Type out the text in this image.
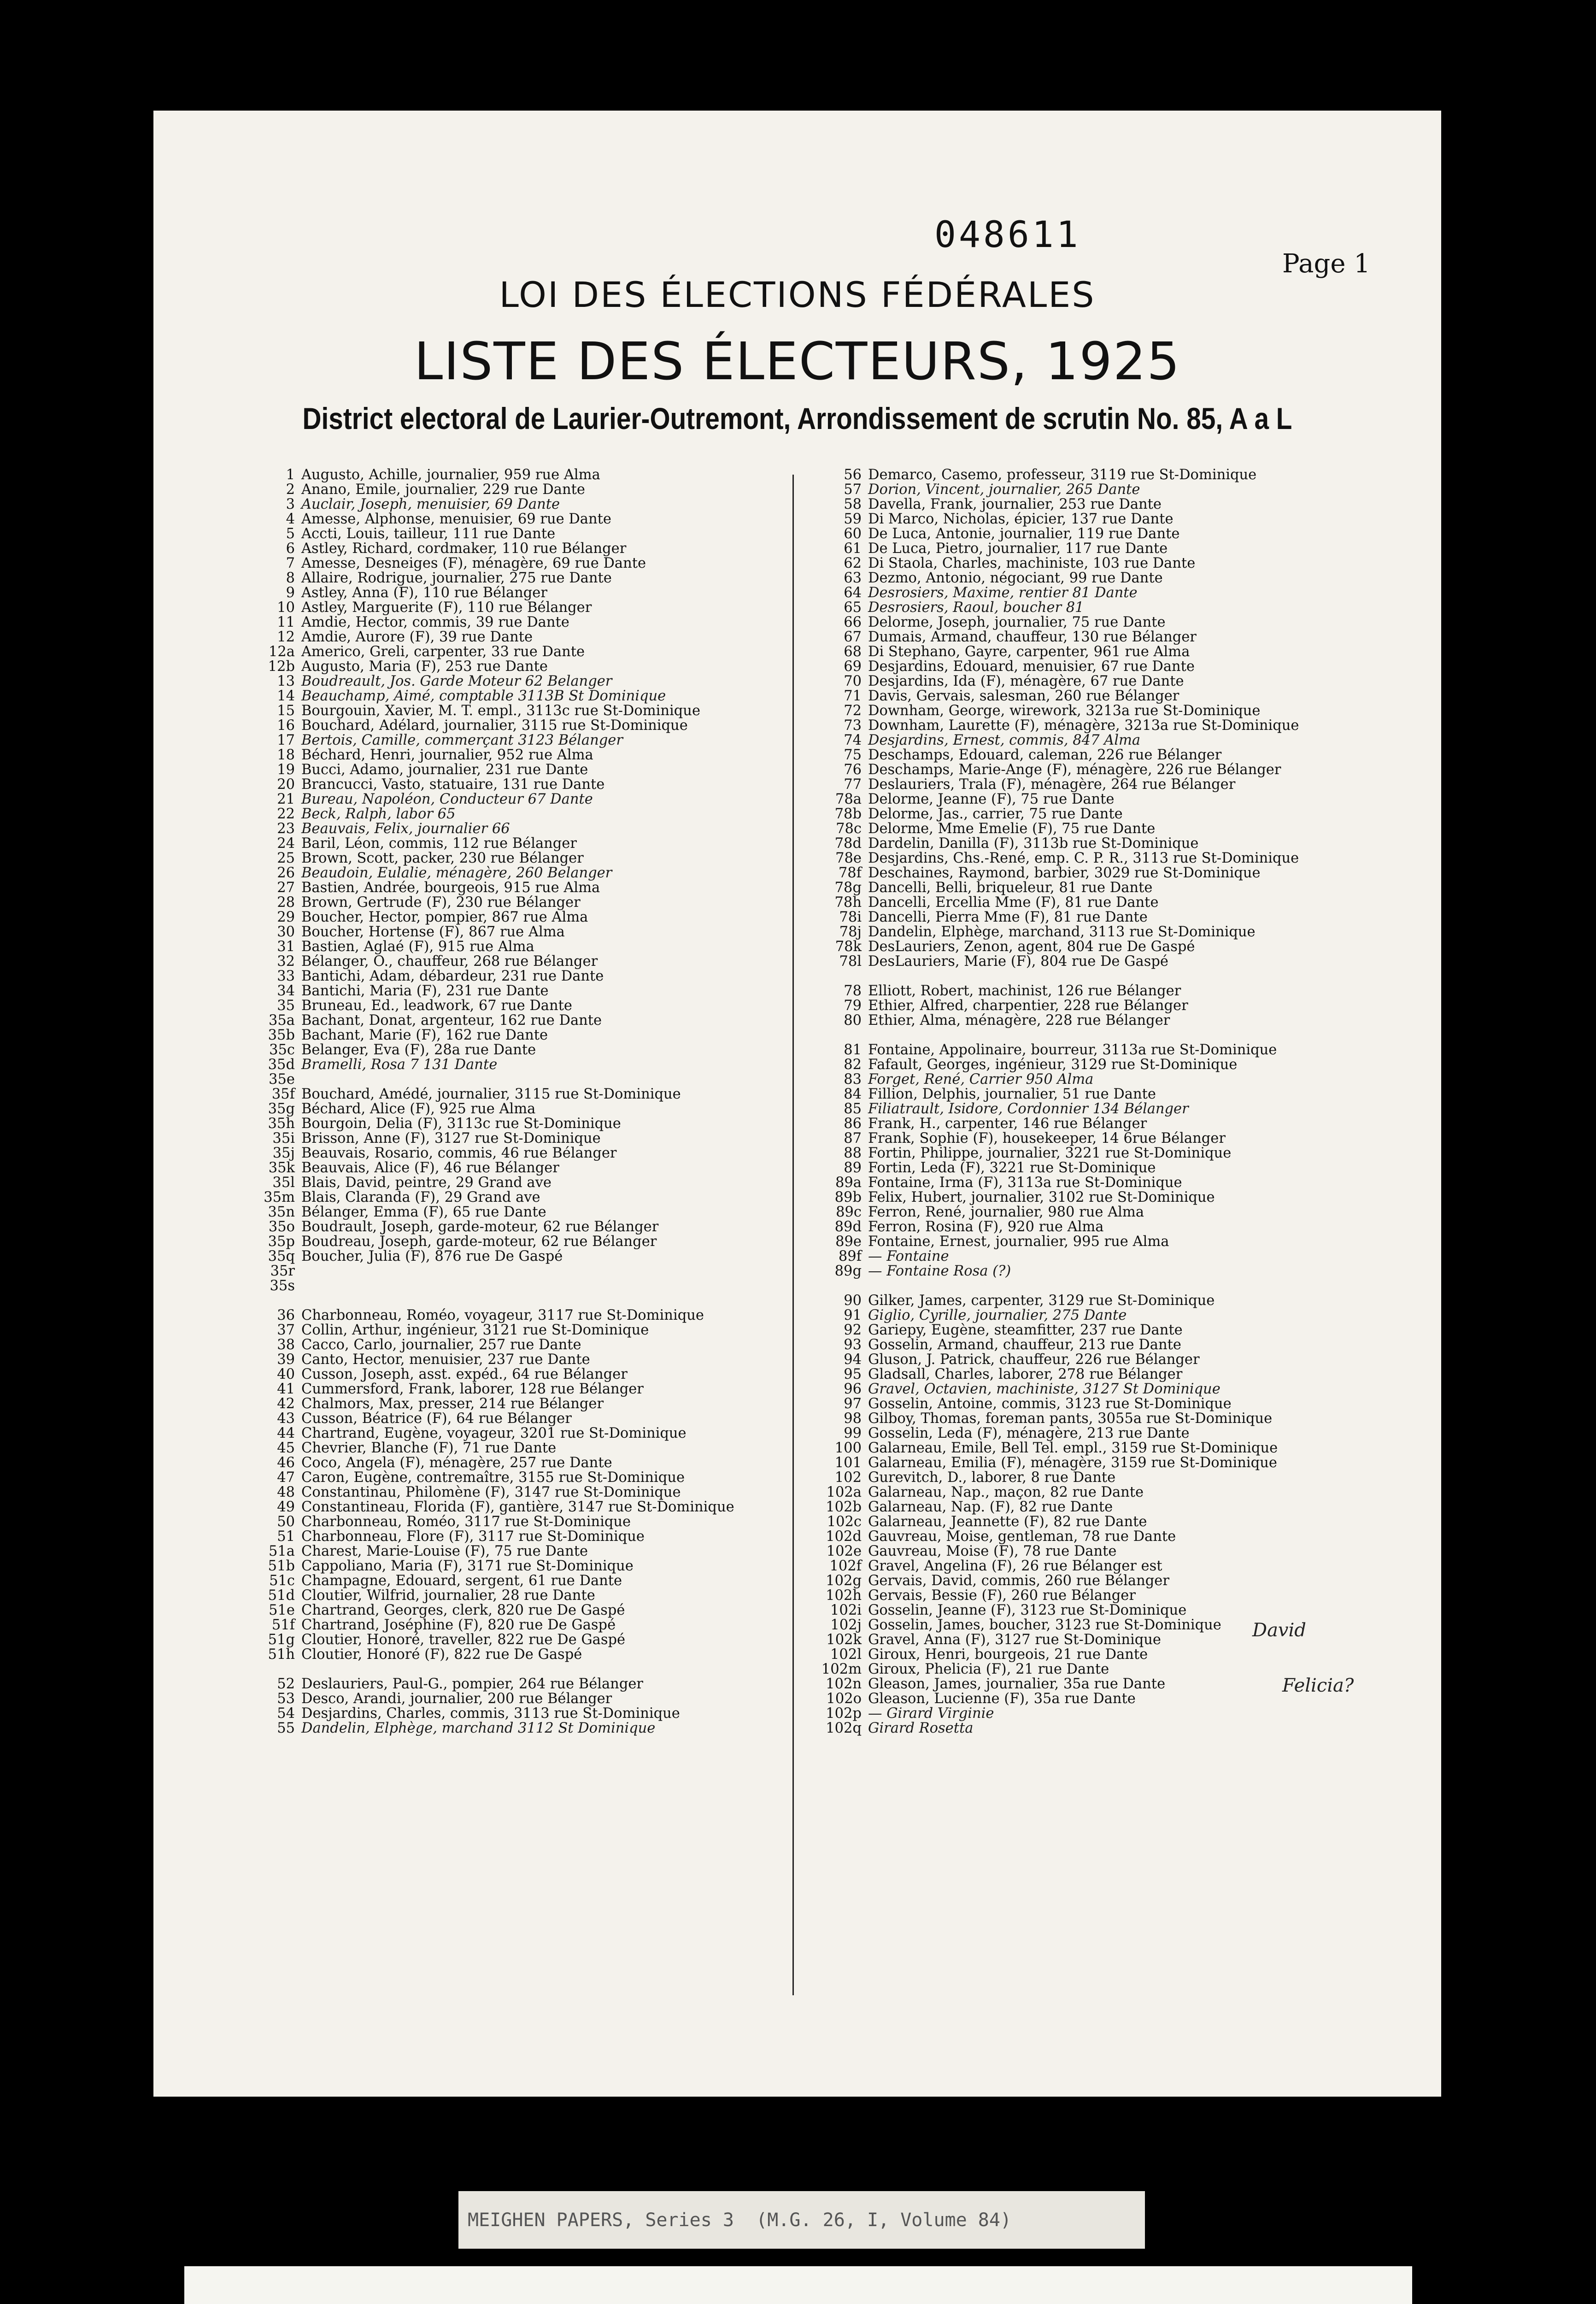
048611
Page 1
LOI DES ÉLECTIONS FÉDÉRALES
LISTE DES ÉLECTEURS, 1925
District electoral de Laurier-Outremont, Arrondissement de scrutin No. 85, A a L
1 Augusto, Achille, journalier, 959 rue Alma
2 Anano, Emile, journalier, 229 rue Dante
3 Auclair, Joseph, menuisier, 69 Dante
4 Amesse, Alphonse, menuisier, 69 rue Dante
5 Accti, Louis, tailleur, 111 rue Dante
6 Astley, Richard, cordmaker, 110 rue Bélanger
7 Amesse, Desneiges (F), ménagère, 69 rue Dante
8 Allaire, Rodrigue, journalier, 275 rue Dante
9 Astley, Anna (F), 110 rue Bélanger
10 Astley, Marguerite (F), 110 rue Bélanger
11 Amdie, Hector, commis, 39 rue Dante
12 Amdie, Aurore (F), 39 rue Dante
12a Americo, Greli, carpenter, 33 rue Dante
12b Augusto, Maria (F), 253 rue Dante
13 Boudreault, Jos. Garde Moteur 62 Belanger
14 Beauchamp, Aimé, comptable 3113B St Dominique
15 Bourgouin, Xavier, M. T. empl., 3113c rue St-Dominique
16 Bouchard, Adélard, journalier, 3115 rue St-Dominique
17 Bertois, Camille, commerçant 3123 Bélanger
18 Béchard, Henri, journalier, 952 rue Alma
19 Bucci, Adamo, journalier, 231 rue Dante
20 Brancucci, Vasto, statuaire, 131 rue Dante
21 Bureau, Napoléon, Conducteur 67 Dante
22 Beck, Ralph, labor 65
23 Beauvais, Felix, journalier 66
24 Baril, Léon, commis, 112 rue Bélanger
25 Brown, Scott, packer, 230 rue Bélanger
26 Beaudoin, Eulalie, ménagère, 260 Belanger
27 Bastien, Andrée, bourgeois, 915 rue Alma
28 Brown, Gertrude (F), 230 rue Bélanger
29 Boucher, Hector, pompier, 867 rue Alma
30 Boucher, Hortense (F), 867 rue Alma
31 Bastien, Aglaé (F), 915 rue Alma
32 Bélanger, O., chauffeur, 268 rue Bélanger
33 Bantichi, Adam, débardeur, 231 rue Dante
34 Bantichi, Maria (F), 231 rue Dante
35 Bruneau, Ed., leadwork, 67 rue Dante
35a Bachant, Donat, argenteur, 162 rue Dante
35b Bachant, Marie (F), 162 rue Dante
35c Belanger, Eva (F), 28a rue Dante
35d Bramelli, Rosa 7 131 Dante
35e
35f Bouchard, Amédé, journalier, 3115 rue St-Dominique
35g Béchard, Alice (F), 925 rue Alma
35h Bourgoin, Delia (F), 3113c rue St-Dominique
35i Brisson, Anne (F), 3127 rue St-Dominique
35j Beauvais, Rosario, commis, 46 rue Bélanger
35k Beauvais, Alice (F), 46 rue Bélanger
35l Blais, David, peintre, 29 Grand ave
35m Blais, Claranda (F), 29 Grand ave
35n Bélanger, Emma (F), 65 rue Dante
35o Boudrault, Joseph, garde-moteur, 62 rue Bélanger
35p Boudreau, Joseph, garde-moteur, 62 rue Bélanger
35q Boucher, Julia (F), 876 rue De Gaspé
35r
35s
36 Charbonneau, Roméo, voyageur, 3117 rue St-Dominique
37 Collin, Arthur, ingénieur, 3121 rue St-Dominique
38 Cacco, Carlo, journalier, 257 rue Dante
39 Canto, Hector, menuisier, 237 rue Dante
40 Cusson, Joseph, asst. expéd., 64 rue Bélanger
41 Cummersford, Frank, laborer, 128 rue Bélanger
42 Chalmors, Max, presser, 214 rue Bélanger
43 Cusson, Béatrice (F), 64 rue Bélanger
44 Chartrand, Eugène, voyageur, 3201 rue St-Dominique
45 Chevrier, Blanche (F), 71 rue Dante
46 Coco, Angela (F), ménagère, 257 rue Dante
47 Caron, Eugène, contremaître, 3155 rue St-Dominique
48 Constantinau, Philomène (F), 3147 rue St-Dominique
49 Constantineau, Florida (F), gantière, 3147 rue St-Dominique
50 Charbonneau, Roméo, 3117 rue St-Dominique
51 Charbonneau, Flore (F), 3117 rue St-Dominique
51a Charest, Marie-Louise (F), 75 rue Dante
51b Cappoliano, Maria (F), 3171 rue St-Dominique
51c Champagne, Edouard, sergent, 61 rue Dante
51d Cloutier, Wilfrid, journalier, 28 rue Dante
51e Chartrand, Georges, clerk, 820 rue De Gaspé
51f Chartrand, Joséphine (F), 820 rue De Gaspé
51g Cloutier, Honoré, traveller, 822 rue De Gaspé
51h Cloutier, Honoré (F), 822 rue De Gaspé
52 Deslauriers, Paul-G., pompier, 264 rue Bélanger
53 Desco, Arandi, journalier, 200 rue Bélanger
54 Desjardins, Charles, commis, 3113 rue St-Dominique
55 Dandelin, Elphège, marchand 3112 St Dominique
56 Demarco, Casemo, professeur, 3119 rue St-Dominique
57 Dorion, Vincent, journalier, 265 Dante
58 Davella, Frank, journalier, 253 rue Dante
59 Di Marco, Nicholas, épicier, 137 rue Dante
60 De Luca, Antonie, journalier, 119 rue Dante
61 De Luca, Pietro, journalier, 117 rue Dante
62 Di Staola, Charles, machiniste, 103 rue Dante
63 Dezmo, Antonio, négociant, 99 rue Dante
64 Desrosiers, Maxime, rentier 81 Dante
65 Desrosiers, Raoul, boucher 81
66 Delorme, Joseph, journalier, 75 rue Dante
67 Dumais, Armand, chauffeur, 130 rue Bélanger
68 Di Stephano, Gayre, carpenter, 961 rue Alma
69 Desjardins, Edouard, menuisier, 67 rue Dante
70 Desjardins, Ida (F), ménagère, 67 rue Dante
71 Davis, Gervais, salesman, 260 rue Bélanger
72 Downham, George, wirework, 3213a rue St-Dominique
73 Downham, Laurette (F), ménagère, 3213a rue St-Dominique
74 Desjardins, Ernest, commis, 847 Alma
75 Deschamps, Edouard, caleman, 226 rue Bélanger
76 Deschamps, Marie-Ange (F), ménagère, 226 rue Bélanger
77 Deslauriers, Trala (F), ménagère, 264 rue Bélanger
78a Delorme, Jeanne (F), 75 rue Dante
78b Delorme, Jas., carrier, 75 rue Dante
78c Delorme, Mme Emelie (F), 75 rue Dante
78d Dardelin, Danilla (F), 3113b rue St-Dominique
78e Desjardins, Chs.-René, emp. C. P. R., 3113 rue St-Dominique
78f Deschaines, Raymond, barbier, 3029 rue St-Dominique
78g Dancelli, Belli, briqueleur, 81 rue Dante
78h Dancelli, Ercellia Mme (F), 81 rue Dante
78i Dancelli, Pierra Mme (F), 81 rue Dante
78j Dandelin, Elphège, marchand, 3113 rue St-Dominique
78k DesLauriers, Zenon, agent, 804 rue De Gaspé
78l DesLauriers, Marie (F), 804 rue De Gaspé
78 Elliott, Robert, machinist, 126 rue Bélanger
79 Ethier, Alfred, charpentier, 228 rue Bélanger
80 Ethier, Alma, ménagère, 228 rue Bélanger
81 Fontaine, Appolinaire, bourreur, 3113a rue St-Dominique
82 Fafault, Georges, ingénieur, 3129 rue St-Dominique
83 Forget, René, Carrier 950 Alma
84 Fillion, Delphis, journalier, 51 rue Dante
85 Filiatrault, Isidore, Cordonnier 134 Bélanger
86 Frank, H., carpenter, 146 rue Bélanger
87 Frank, Sophie (F), housekeeper, 14 6rue Bélanger
88 Fortin, Philippe, journalier, 3221 rue St-Dominique
89 Fortin, Leda (F), 3221 rue St-Dominique
89a Fontaine, Irma (F), 3113a rue St-Dominique
89b Felix, Hubert, journalier, 3102 rue St-Dominique
89c Ferron, René, journalier, 980 rue Alma
89d Ferron, Rosina (F), 920 rue Alma
89e Fontaine, Ernest, journalier, 995 rue Alma
89f — Fontaine
89g — Fontaine Rosa (?)
90 Gilker, James, carpenter, 3129 rue St-Dominique
91 Giglio, Cyrille, journalier, 275 Dante
92 Gariepy, Eugène, steamfitter, 237 rue Dante
93 Gosselin, Armand, chauffeur, 213 rue Dante
94 Gluson, J. Patrick, chauffeur, 226 rue Bélanger
95 Gladsall, Charles, laborer, 278 rue Bélanger
96 Gravel, Octavien, machiniste, 3127 St Dominique
97 Gosselin, Antoine, commis, 3123 rue St-Dominique
98 Gilboy, Thomas, foreman pants, 3055a rue St-Dominique
99 Gosselin, Leda (F), ménagère, 213 rue Dante
100 Galarneau, Emile, Bell Tel. empl., 3159 rue St-Dominique
101 Galarneau, Emilia (F), ménagère, 3159 rue St-Dominique
102 Gurevitch, D., laborer, 8 rue Dante
102a Galarneau, Nap., maçon, 82 rue Dante
102b Galarneau, Nap. (F), 82 rue Dante
102c Galarneau, Jeannette (F), 82 rue Dante
102d Gauvreau, Moise, gentleman, 78 rue Dante
102e Gauvreau, Moise (F), 78 rue Dante
102f Gravel, Angelina (F), 26 rue Bélanger est
102g Gervais, David, commis, 260 rue Bélanger
102h Gervais, Bessie (F), 260 rue Bélanger
102i Gosselin, Jeanne (F), 3123 rue St-Dominique
102j Gosselin, James, boucher, 3123 rue St-Dominique
102k Gravel, Anna (F), 3127 rue St-Dominique
102l Giroux, Henri, bourgeois, 21 rue Dante
102m Giroux, Phelicia (F), 21 rue Dante
102n Gleason, James, journalier, 35a rue Dante
102o Gleason, Lucienne (F), 35a rue Dante
102p — Girard Virginie
102q Girard Rosetta
David
Felicia?
MEIGHEN PAPERS, Series 3  (M.G. 26, I, Volume 84)
